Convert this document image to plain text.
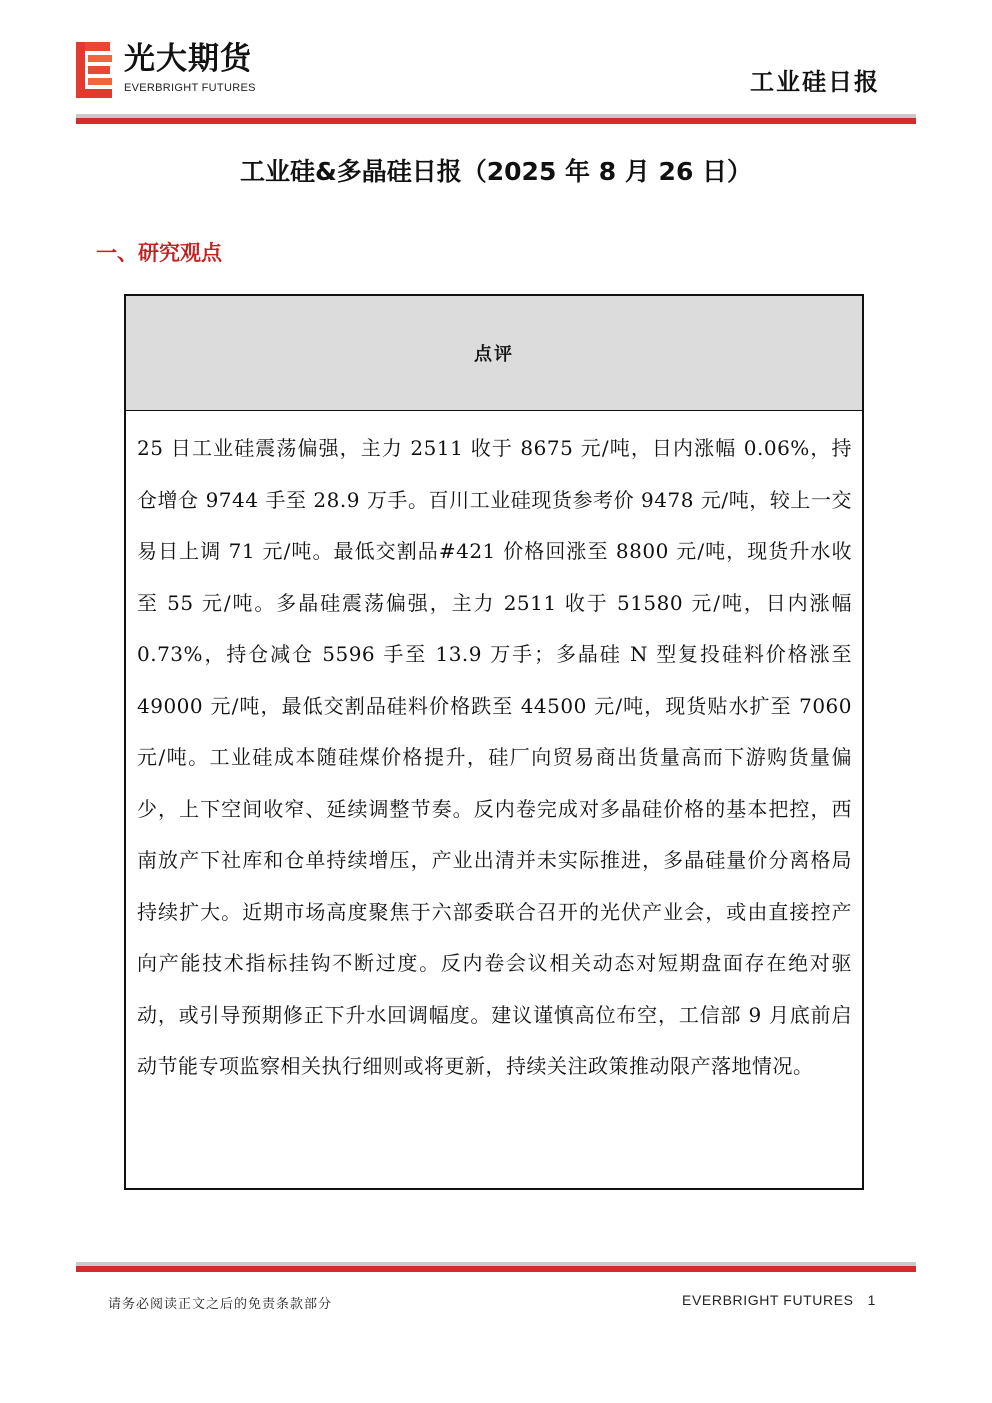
光大期货
EVERBRIGHT FUTURES	工业硅日报
工业硅&多晶硅日报（2025 年 8 月 26 日）
一、研究观点
点评
25 日工业硅震荡偏强，主力 2511 收于 8675 元/吨，日内涨幅 0.06%，持仓增仓 9744 手至 28.9 万手。百川工业硅现货参考价 9478 元/吨，较上一交易日上调 71 元/吨。最低交割品#421 价格回涨至 8800 元/吨，现货升水收至 55 元/吨。多晶硅震荡偏强，主力 2511 收于 51580 元/吨，日内涨幅 0.73%，持仓减仓 5596 手至 13.9 万手；多晶硅 N 型复投硅料价格涨至 49000 元/吨，最低交割品硅料价格跌至 44500 元/吨，现货贴水扩至 7060 元/吨。工业硅成本随硅煤价格提升，硅厂向贸易商出货量高而下游购货量偏少，上下空间收窄、延续调整节奏。反内卷完成对多晶硅价格的基本把控，西南放产下社库和仓单持续增压，产业出清并未实际推进，多晶硅量价分离格局持续扩大。近期市场高度聚焦于六部委联合召开的光伏产业会，或由直接控产向产能技术指标挂钩不断过度。反内卷会议相关动态对短期盘面存在绝对驱动，或引导预期修正下升水回调幅度。建议谨慎高位布空，工信部 9 月底前启动节能专项监察相关执行细则或将更新，持续关注政策推动限产落地情况。
请务必阅读正文之后的免责条款部分	EVERBRIGHT FUTURES 1
